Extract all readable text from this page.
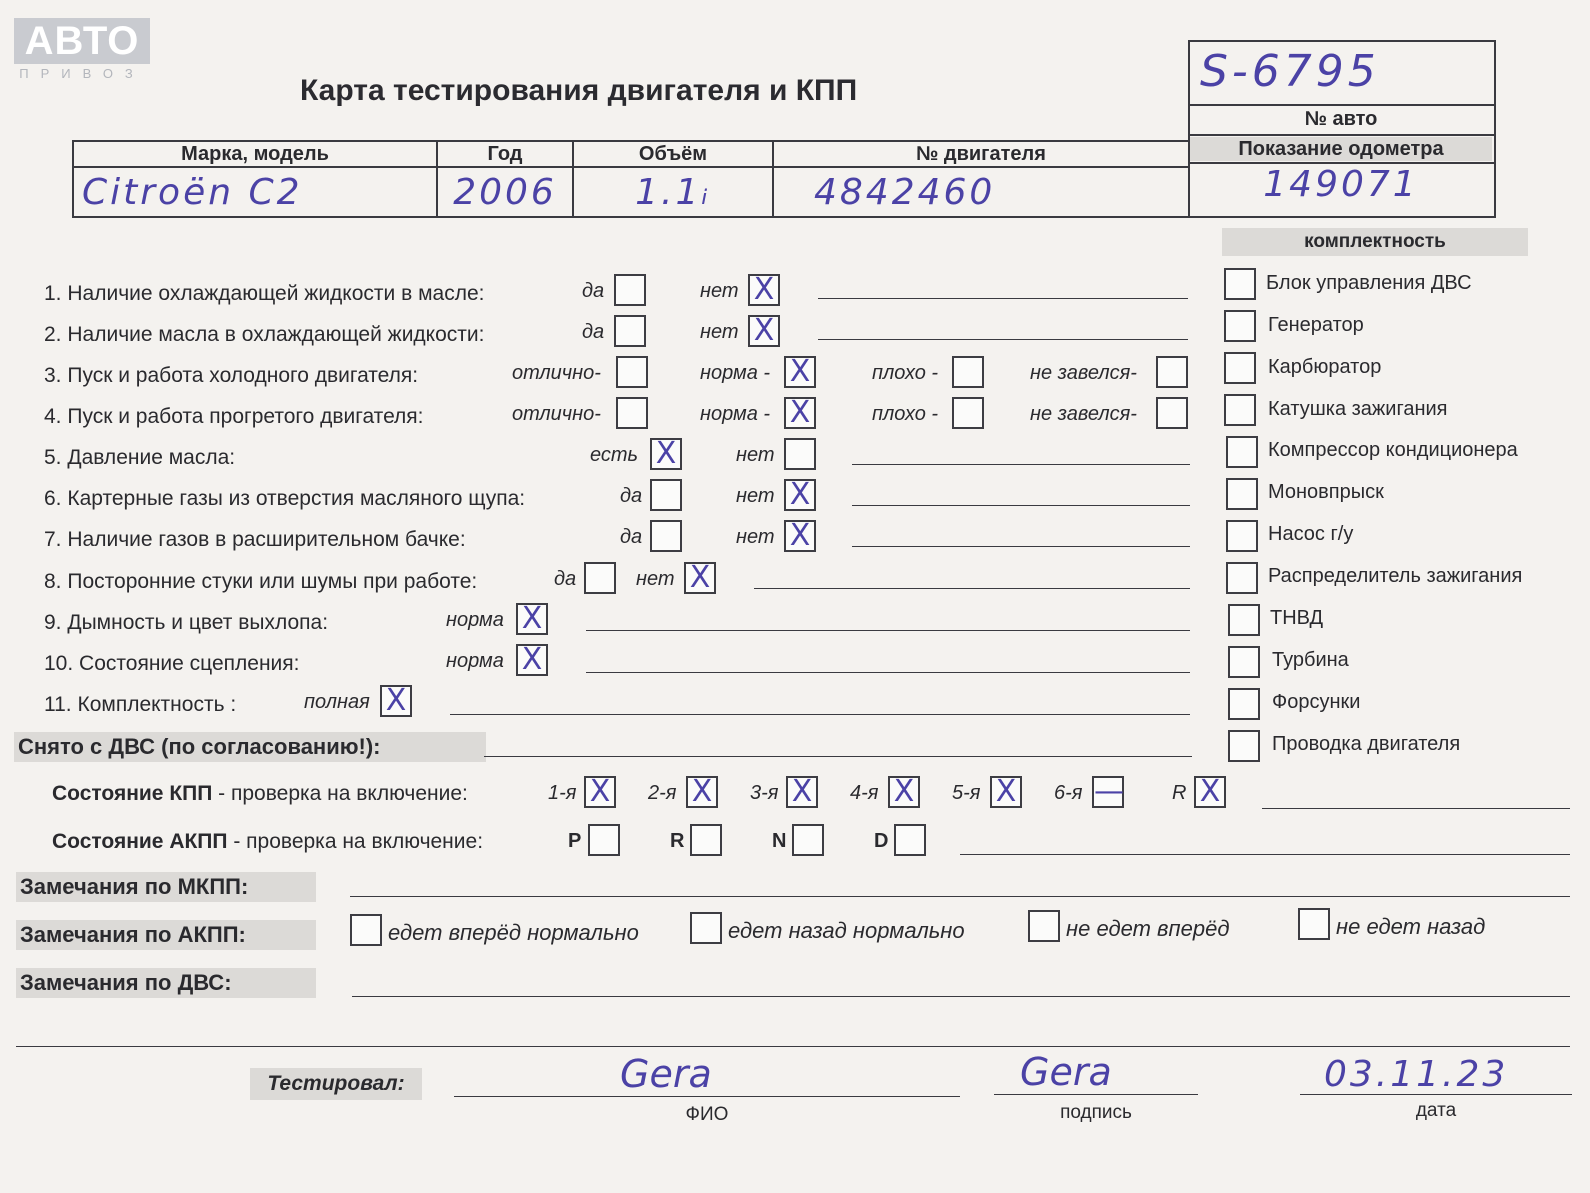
АВТО
ПРИВОЗ
Карта тестирования двигателя и КПП	S-6795
№ авто
Показание одометра
149071
Марка, модель	Год	Объём	№ двигателя
Citroën C2	2006	1.1ᵢ	4842460
комплектность
Блок управления ДВС
Генератор
Карбюратор
Катушка зажигания
Компрессор кондиционера
Моновпрыск
Насос г/у
Распределитель зажигания
ТНВД
Турбина
Форсунки
Проводка двигателя
1. Наличие охлаждающей жидкости в масле:	да	нет X
2. Наличие масла в охлаждающей жидкости:	да	нет X
3. Пуск и работа холодного двигателя:	отлично-	норма - X	плохо -	не завелся-
4. Пуск и работа прогретого двигателя:	отлично-	норма - X	плохо -	не завелся-
5. Давление масла:	есть X	нет
6. Картерные газы из отверстия масляного щупа:	да	нет X
7. Наличие газов в расширительном бачке:	да	нет X
8. Посторонние стуки или шумы при работе:	да	нет X
9. Дымность и цвет выхлопа:	норма X
10. Состояние сцепления:	норма X
11. Комплектность :	полная X
Снято с ДВС (по согласованию!):
Состояние КПП - проверка на включение:	1-я X 2-я X 3-я X 4-я X 5-я X 6-я — R X
Состояние АКПП - проверка на включение:	P	R	N	D
Замечания по МКПП:
Замечания по АКПП:	едет вперёд нормально	едет назад нормально	не едет вперёд	не едет назад
Замечания по ДВС:
Тестировал:	Gera
ФИО
Gera
подпись
03.11.23
дата
